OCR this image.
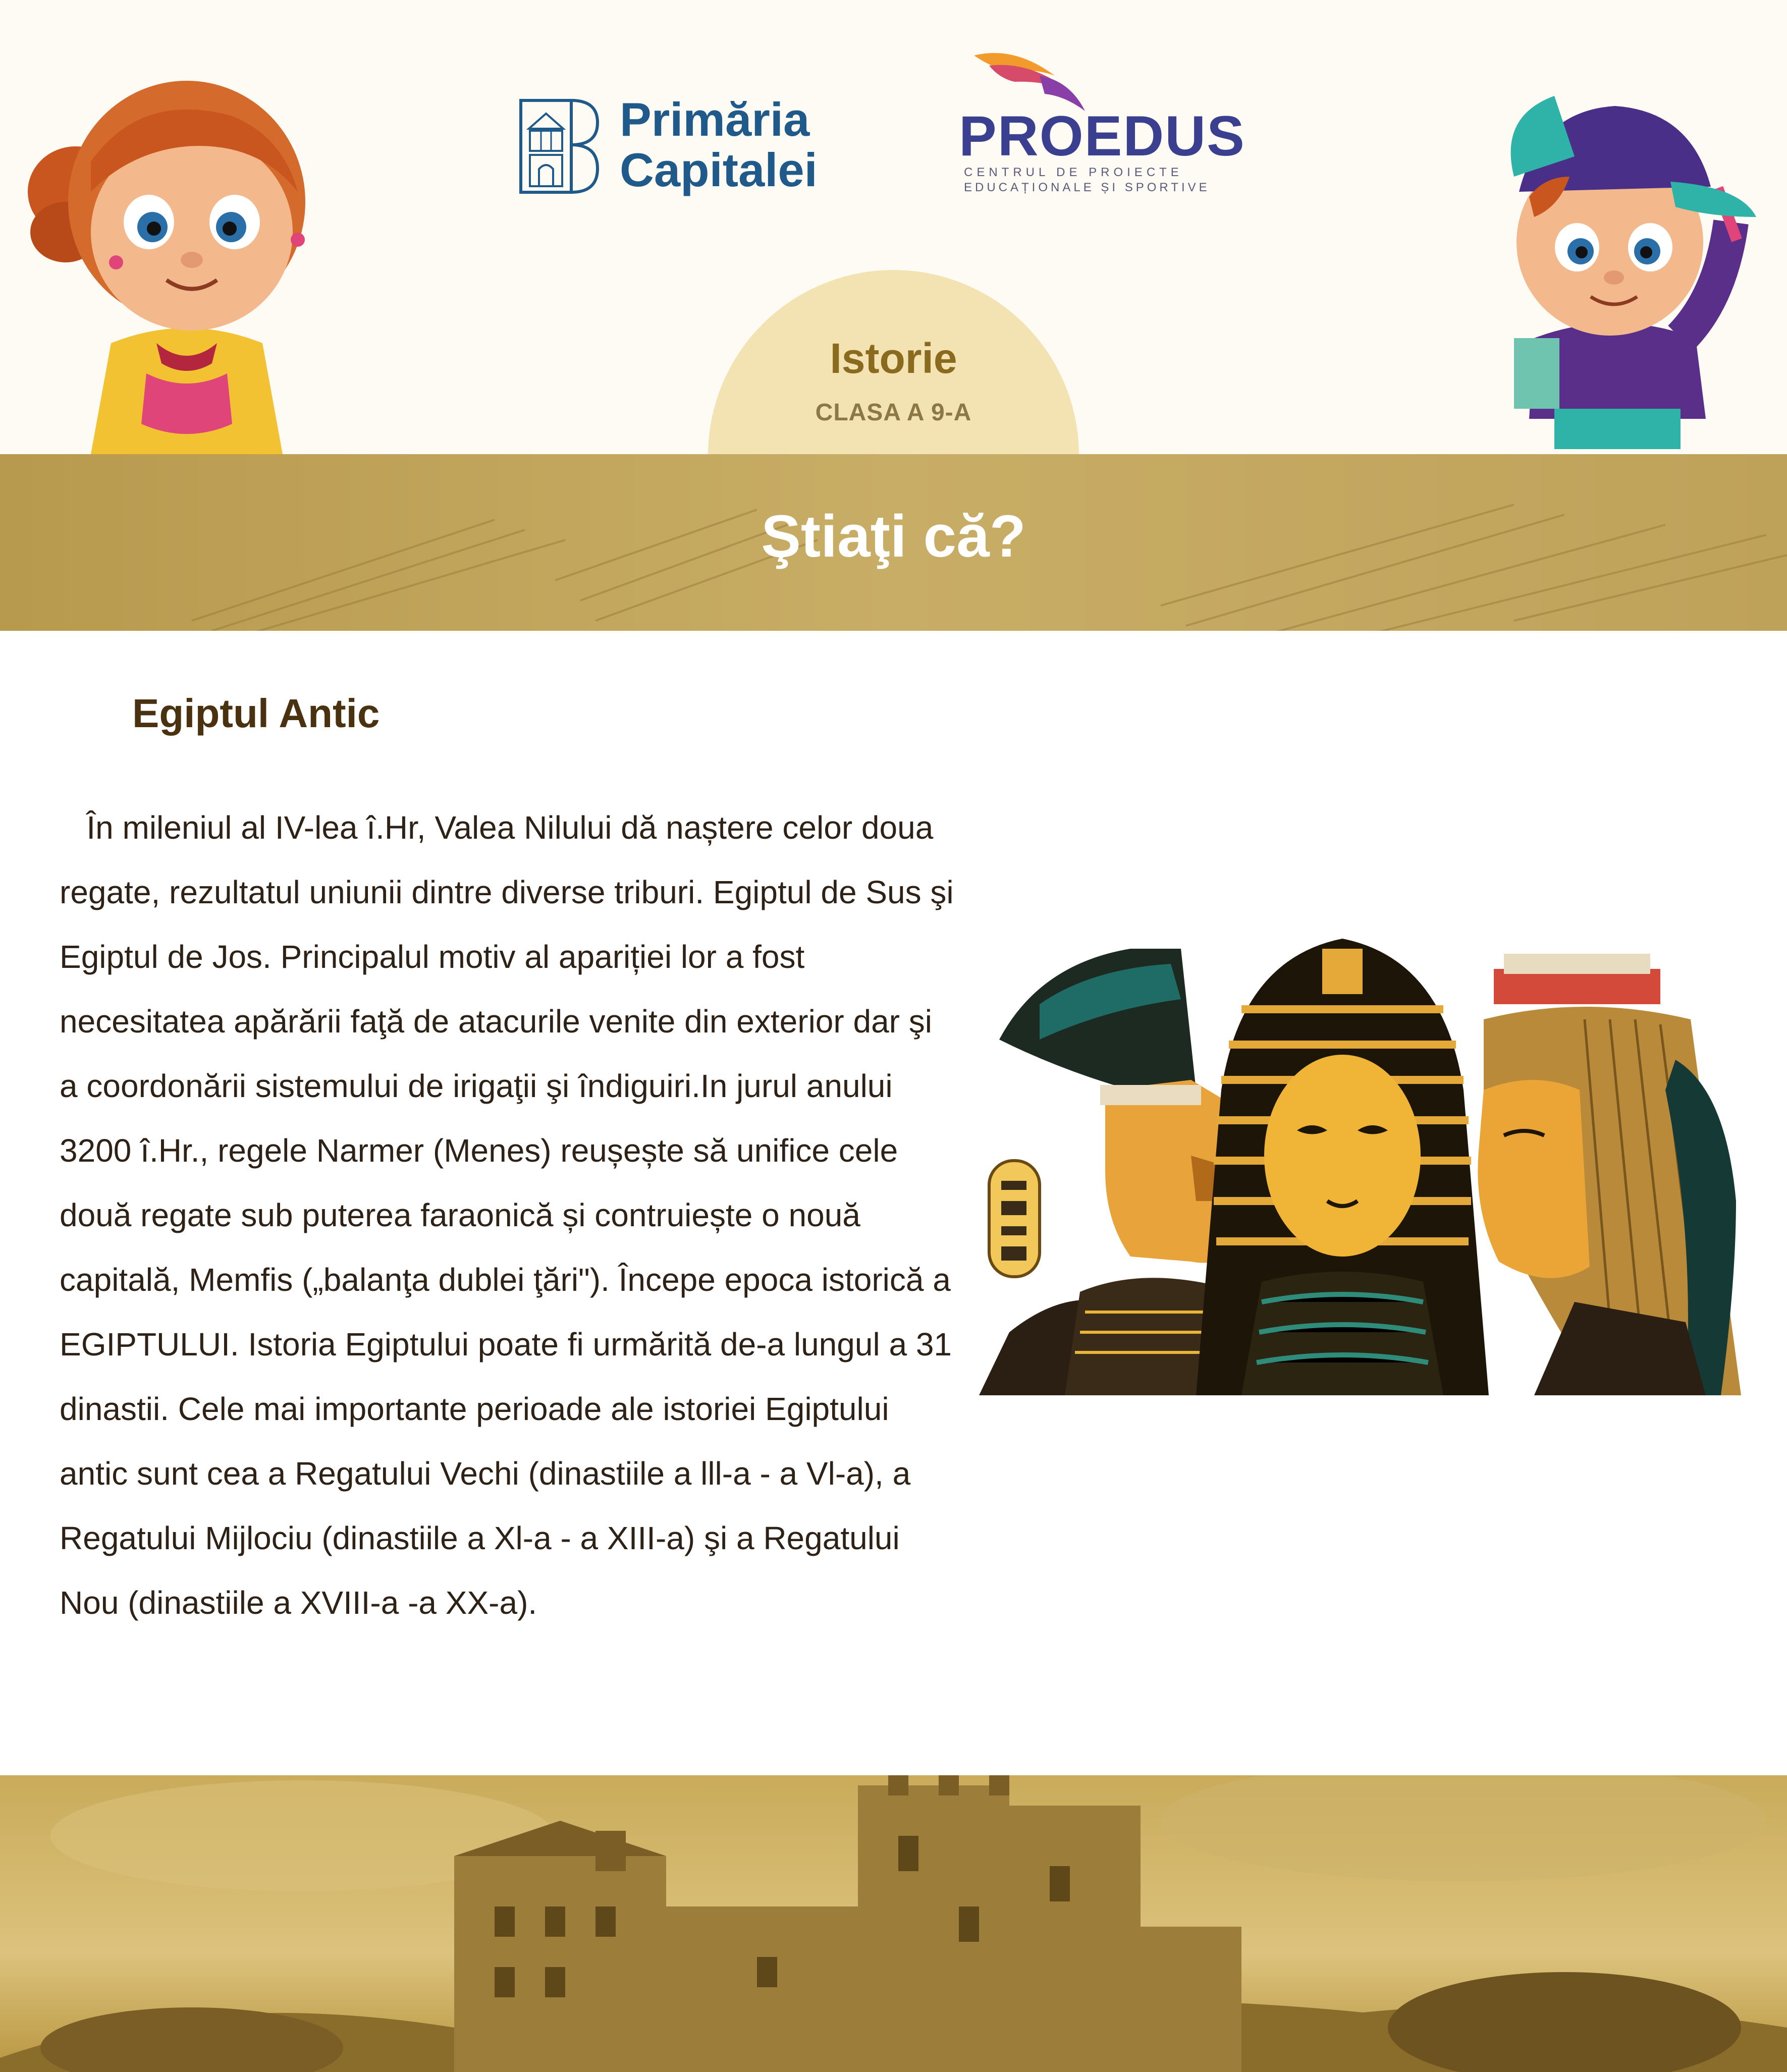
Primăria
Capitalei
PROEDUS
CENTRUL DE PROIECTE
EDUCAȚIONALE ȘI SPORTIVE
Istorie
CLASA A 9-A
Ştiaţi că?
Egiptul Antic

În mileniul al IV-lea î.Hr, Valea Nilului dă naștere celor doua regate, rezultatul uniunii dintre diverse triburi. Egiptul de Sus şi Egiptul de Jos. Principalul motiv al apariției lor a fost necesitatea apărării faţă de atacurile venite din exterior dar şi a coordonării sistemului de irigaţii şi îndiguiri.In jurul anului 3200 î.Hr., regele Narmer (Menes) reușește să unifice cele două regate sub puterea faraonică și contruiește o nouă capitală, Memfis („balanţa dublei ţări"). Începe epoca istorică a EGIPTULUI. Istoria Egiptului poate fi urmărită de-a lungul a 31 dinastii. Cele mai importante perioade ale istoriei Egiptului antic sunt cea a Regatului Vechi (dinastiile a lll-a - a Vl-a), a Regatului Mijlociu (dinastiile a Xl-a - a XIII-a) şi a Regatului Nou (dinastiile a XVIII-a -a XX-a).
